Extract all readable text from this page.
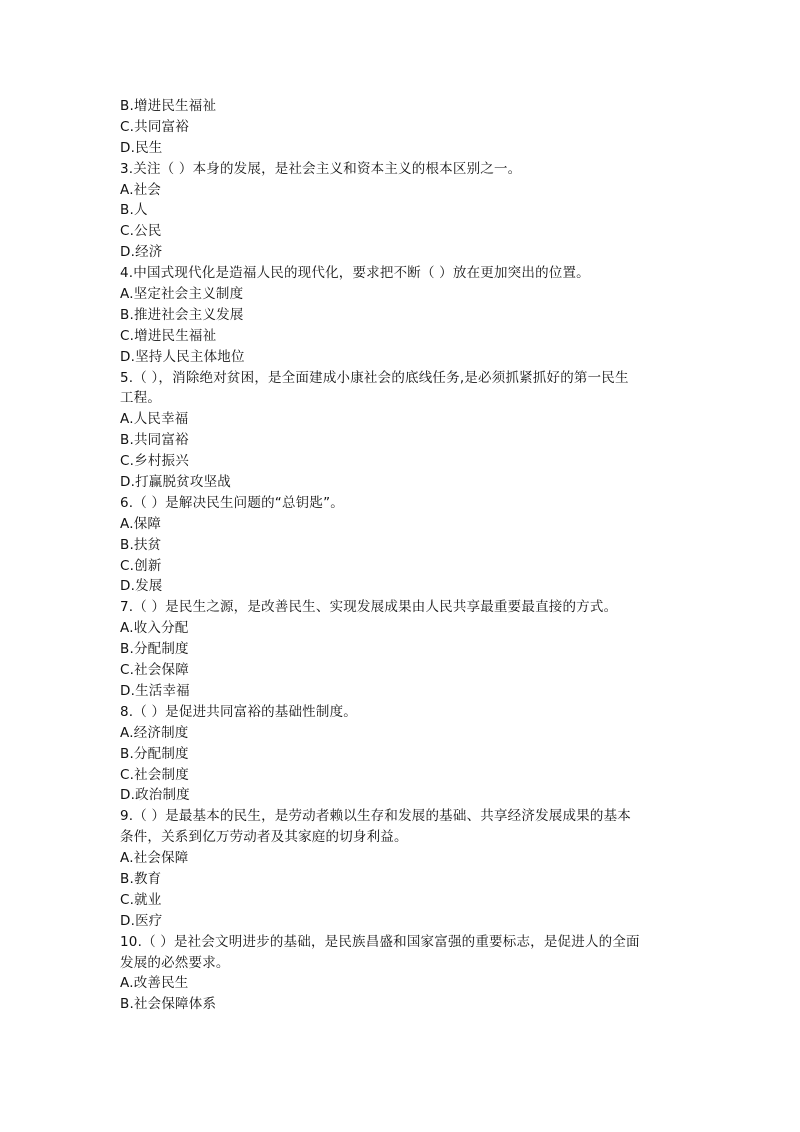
B.增进民生福祉
C.共同富裕
D.民生
3.关注（ ）本身的发展，是社会主义和资本主义的根本区别之一。
A.社会
B.人
C.公民
D.经济
4.中国式现代化是造福人民的现代化，要求把不断（ ）放在更加突出的位置。
A.坚定社会主义制度
B.推进社会主义发展
C.增进民生福祉
D.坚持人民主体地位
5.（ ），消除绝对贫困，是全面建成小康社会的底线任务,是必须抓紧抓好的第一民生
工程。
A.人民幸福
B.共同富裕
C.乡村振兴
D.打赢脱贫攻坚战
6.（ ）是解决民生问题的“总钥匙”。
A.保障
B.扶贫
C.创新
D.发展
7.（ ）是民生之源，是改善民生、实现发展成果由人民共享最重要最直接的方式。
A.收入分配
B.分配制度
C.社会保障
D.生活幸福
8.（ ）是促进共同富裕的基础性制度。
A.经济制度
B.分配制度
C.社会制度
D.政治制度
9.（ ）是最基本的民生，是劳动者赖以生存和发展的基础、共享经济发展成果的基本
条件，关系到亿万劳动者及其家庭的切身利益。
A.社会保障
B.教育
C.就业
D.医疗
10.（ ）是社会文明进步的基础，是民族昌盛和国家富强的重要标志，是促进人的全面
发展的必然要求。
A.改善民生
B.社会保障体系
